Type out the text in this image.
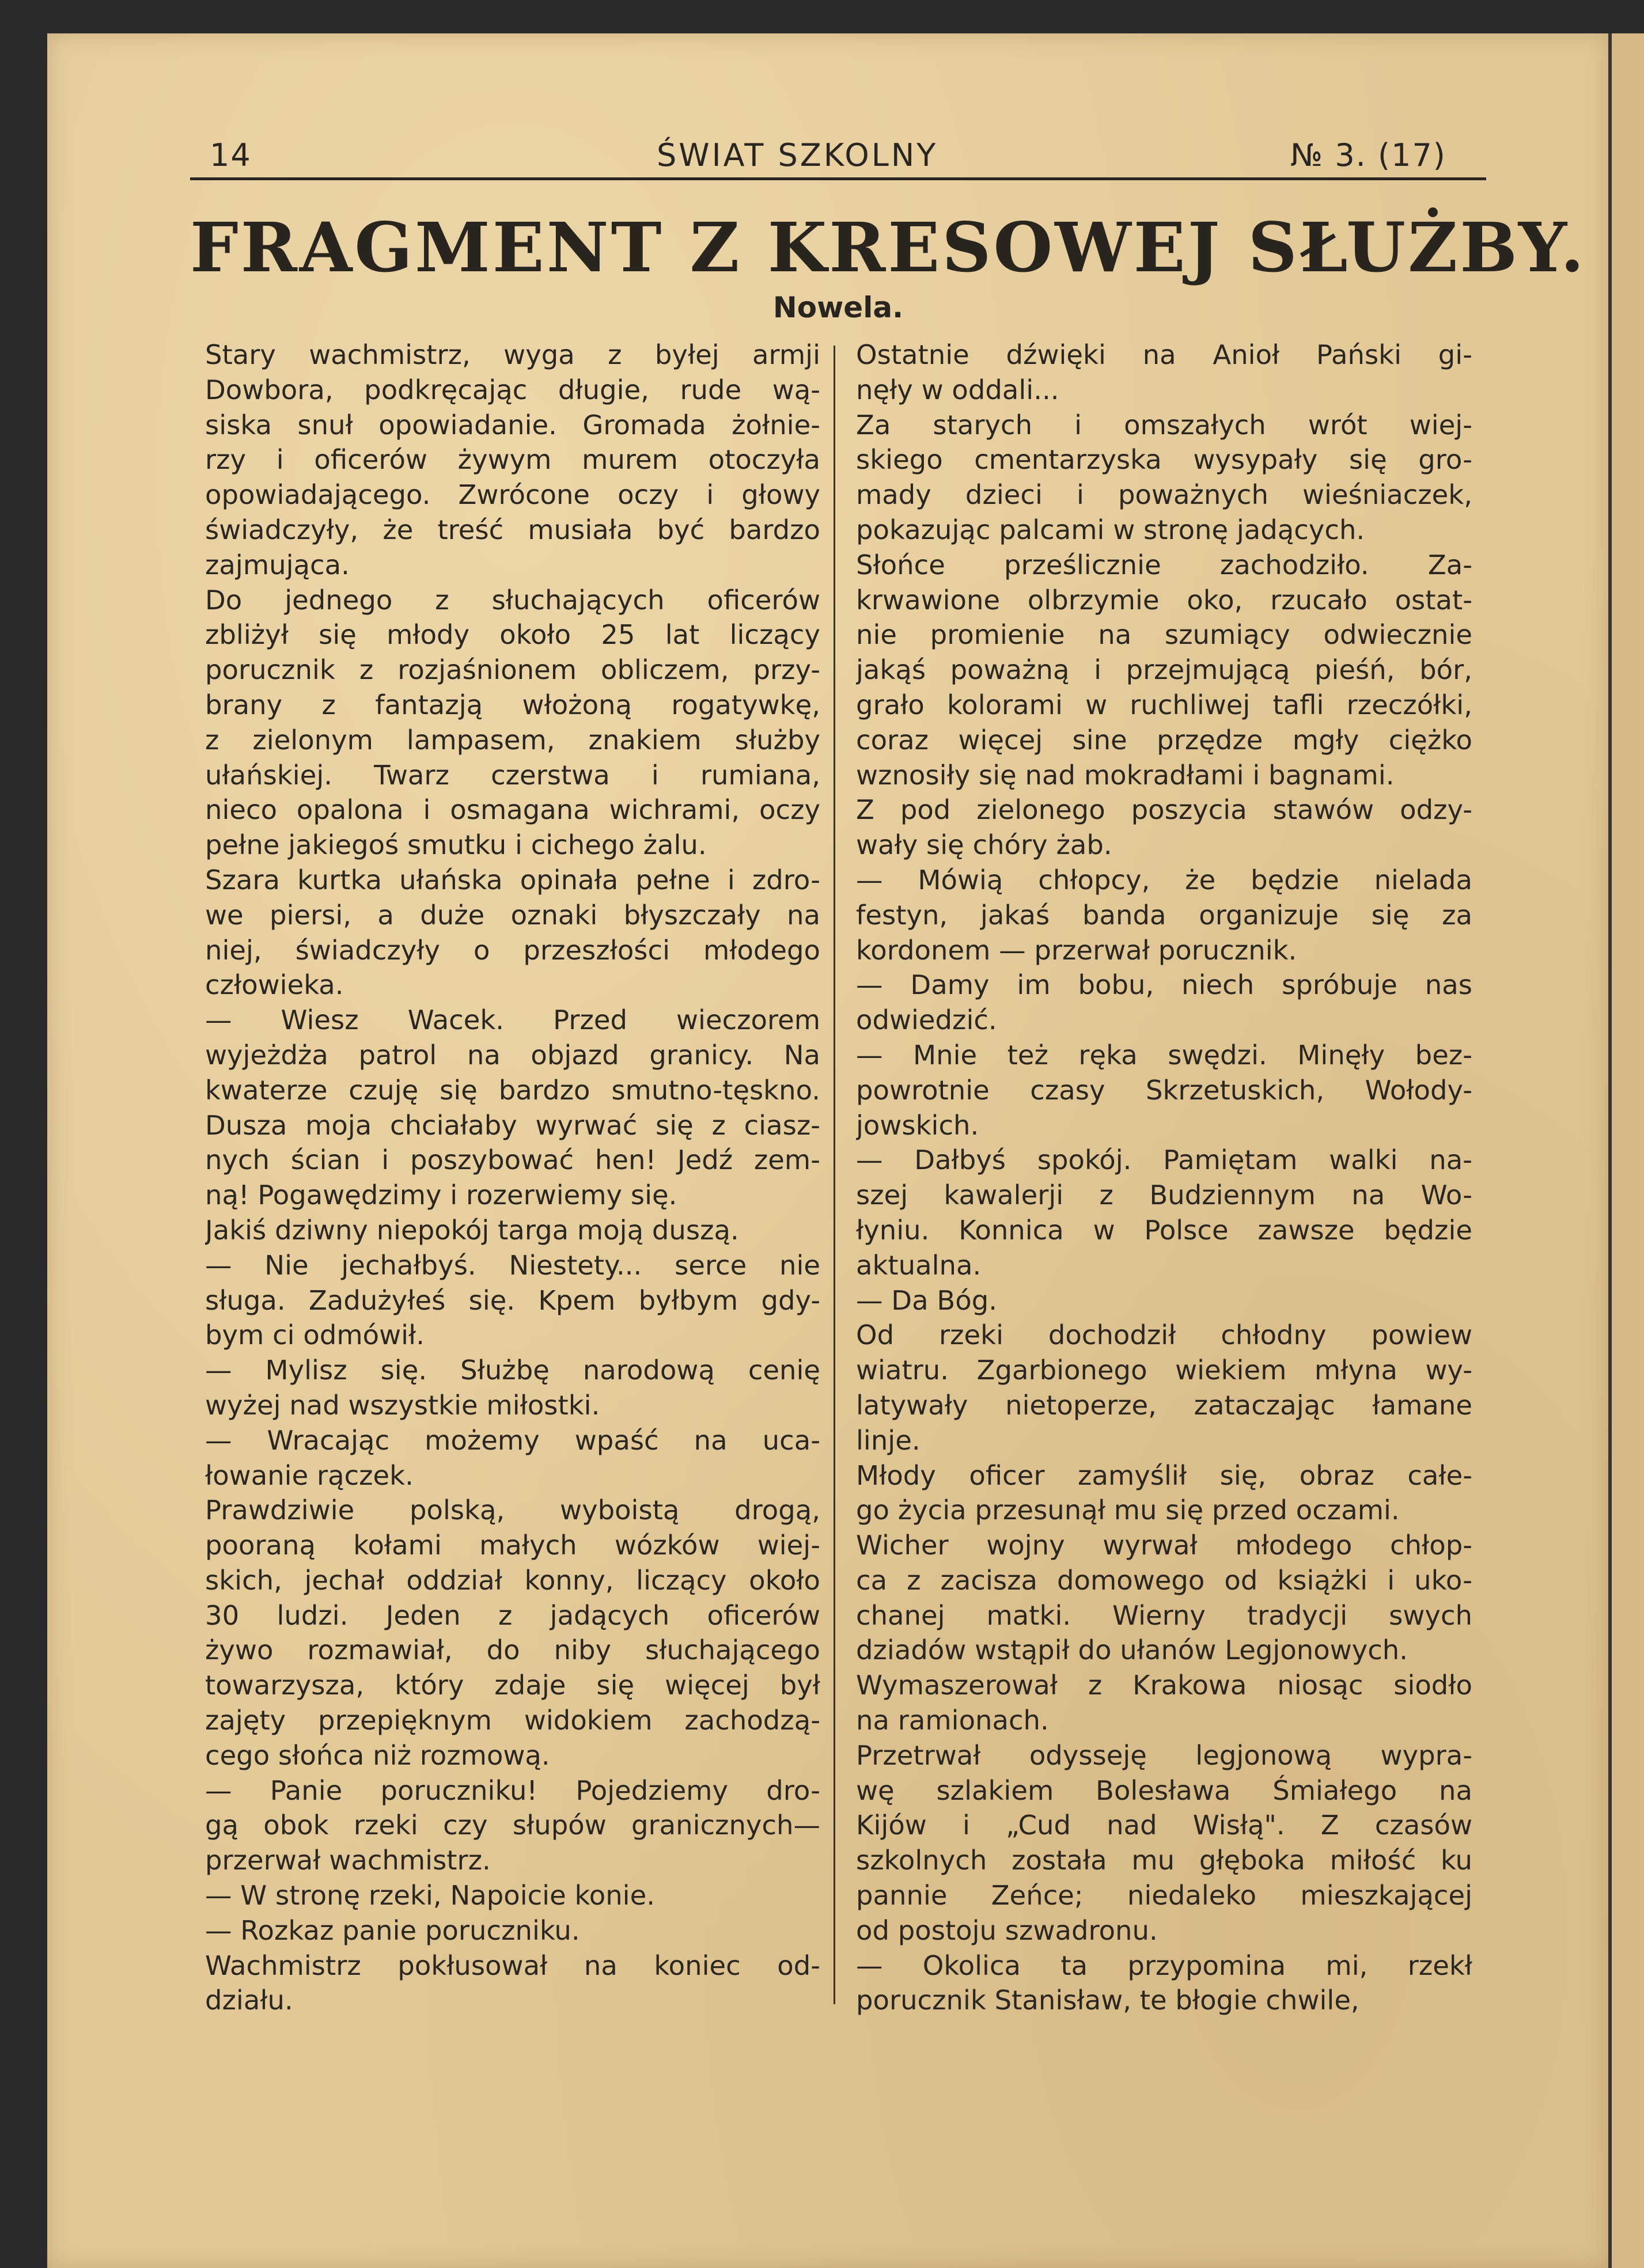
14	ŚWIAT SZKOLNY	№ 3. (17)
FRAGMENT Z KRESOWEJ SŁUŻBY.
Nowela.
Stary wachmistrz, wyga z byłej armji
Dowbora, podkręcając długie, rude wą-
siska snuł opowiadanie. Gromada żołnie-
rzy i oficerów żywym murem otoczyła
opowiadającego. Zwrócone oczy i głowy
świadczyły, że treść musiała być bardzo
zajmująca.
Do jednego z słuchających oficerów
zbliżył się młody około 25 lat liczący
porucznik z rozjaśnionem obliczem, przy-
brany z fantazją włożoną rogatywkę,
z zielonym lampasem, znakiem służby
ułańskiej. Twarz czerstwa i rumiana,
nieco opalona i osmagana wichrami, oczy
pełne jakiegoś smutku i cichego żalu.
Szara kurtka ułańska opinała pełne i zdro-
we piersi, a duże oznaki błyszczały na
niej, świadczyły o przeszłości młodego
człowieka.
— Wiesz Wacek. Przed wieczorem
wyjeżdża patrol na objazd granicy. Na
kwaterze czuję się bardzo smutno-tęskno.
Dusza moja chciałaby wyrwać się z ciasz-
nych ścian i poszybować hen! Jedź zem-
ną! Pogawędzimy i rozerwiemy się.
Jakiś dziwny niepokój targa moją duszą.
— Nie jechałbyś. Niestety... serce nie
sługa. Zadużyłeś się. Kpem byłbym gdy-
bym ci odmówił.
— Mylisz się. Służbę narodową cenię
wyżej nad wszystkie miłostki.
— Wracając możemy wpaść na uca-
łowanie rączek.
Prawdziwie polską, wyboistą drogą,
pooraną kołami małych wózków wiej-
skich, jechał oddział konny, liczący około
30 ludzi. Jeden z jadących oficerów
żywo rozmawiał, do niby słuchającego
towarzysza, który zdaje się więcej był
zajęty przepięknym widokiem zachodzą-
cego słońca niż rozmową.
— Panie poruczniku! Pojedziemy dro-
gą obok rzeki czy słupów granicznych—
przerwał wachmistrz.
— W stronę rzeki, Napoicie konie.
— Rozkaz panie poruczniku.
Wachmistrz pokłusował na koniec od-
działu.
Ostatnie dźwięki na Anioł Pański gi-
nęły w oddali...
Za starych i omszałych wrót wiej-
skiego cmentarzyska wysypały się gro-
mady dzieci i poważnych wieśniaczek,
pokazując palcami w stronę jadących.
Słońce prześlicznie zachodziło. Za-
krwawione olbrzymie oko, rzucało ostat-
nie promienie na szumiący odwiecznie
jakąś poważną i przejmującą pieśń, bór,
grało kolorami w ruchliwej tafli rzeczółki,
coraz więcej sine przędze mgły ciężko
wznosiły się nad mokradłami i bagnami.
Z pod zielonego poszycia stawów odzy-
wały się chóry żab.
— Mówią chłopcy, że będzie nielada
festyn, jakaś banda organizuje się za
kordonem — przerwał porucznik.
— Damy im bobu, niech spróbuje nas
odwiedzić.
— Mnie też ręka swędzi. Minęły bez-
powrotnie czasy Skrzetuskich, Wołody-
jowskich.
— Dałbyś spokój. Pamiętam walki na-
szej kawalerji z Budziennym na Wo-
łyniu. Konnica w Polsce zawsze będzie
aktualna.
— Da Bóg.
Od rzeki dochodził chłodny powiew
wiatru. Zgarbionego wiekiem młyna wy-
latywały nietoperze, zataczając łamane
linje.
Młody oficer zamyślił się, obraz całe-
go życia przesunął mu się przed oczami.
Wicher wojny wyrwał młodego chłop-
ca z zacisza domowego od książki i uko-
chanej matki. Wierny tradycji swych
dziadów wstąpił do ułanów Legjonowych.
Wymaszerował z Krakowa niosąc siodło
na ramionach.
Przetrwał odysseję legjonową wypra-
wę szlakiem Bolesława Śmiałego na
Kijów i „Cud nad Wisłą". Z czasów
szkolnych została mu głęboka miłość ku
pannie Zeńce; niedaleko mieszkającej
od postoju szwadronu.
— Okolica ta przypomina mi, rzekł
porucznik Stanisław, te błogie chwile,
